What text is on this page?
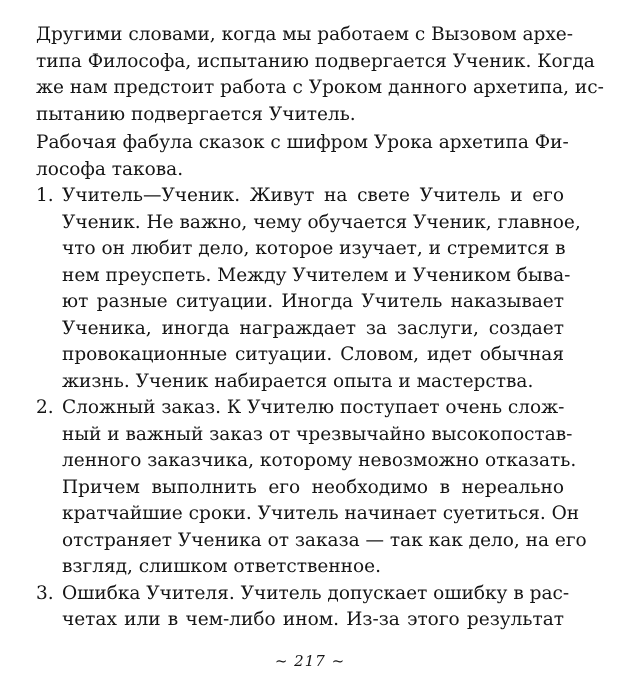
Другими словами, когда мы работаем с Вызовом архе-
типа Философа, испытанию подвергается Ученик. Когда
же нам предстоит работа с Уроком данного архетипа, ис-
пытанию подвергается Учитель.
Рабочая фабула сказок с шифром Урока архетипа Фи-
лософа такова.
1. Учитель—Ученик. Живут на свете Учитель и его
Ученик. Не важно, чему обучается Ученик, главное,
что он любит дело, которое изучает, и стремится в
нем преуспеть. Между Учителем и Учеником быва-
ют разные ситуации. Иногда Учитель наказывает
Ученика, иногда награждает за заслуги, создает
провокационные ситуации. Словом, идет обычная
жизнь. Ученик набирается опыта и мастерства.
2. Сложный заказ. К Учителю поступает очень слож-
ный и важный заказ от чрезвычайно высокопостав-
ленного заказчика, которому невозможно отказать.
Причем выполнить его необходимо в нереально
кратчайшие сроки. Учитель начинает суетиться. Он
отстраняет Ученика от заказа — так как дело, на его
взгляд, слишком ответственное.
3. Ошибка Учителя. Учитель допускает ошибку в рас-
четах или в чем-либо ином. Из-за этого результат
~ 217 ~
